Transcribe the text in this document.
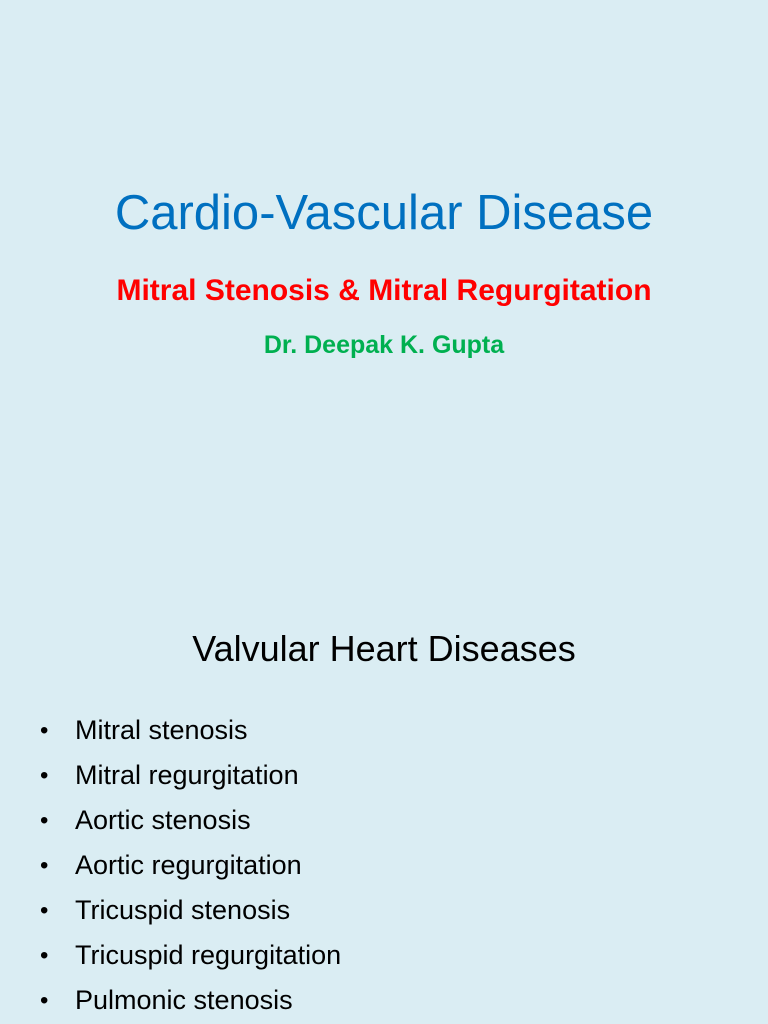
Cardio-Vascular Disease
Mitral Stenosis & Mitral Regurgitation
Dr. Deepak K. Gupta
Valvular Heart Diseases
• Mitral stenosis
• Mitral regurgitation
• Aortic stenosis
• Aortic regurgitation
• Tricuspid stenosis
• Tricuspid regurgitation
• Pulmonic stenosis
